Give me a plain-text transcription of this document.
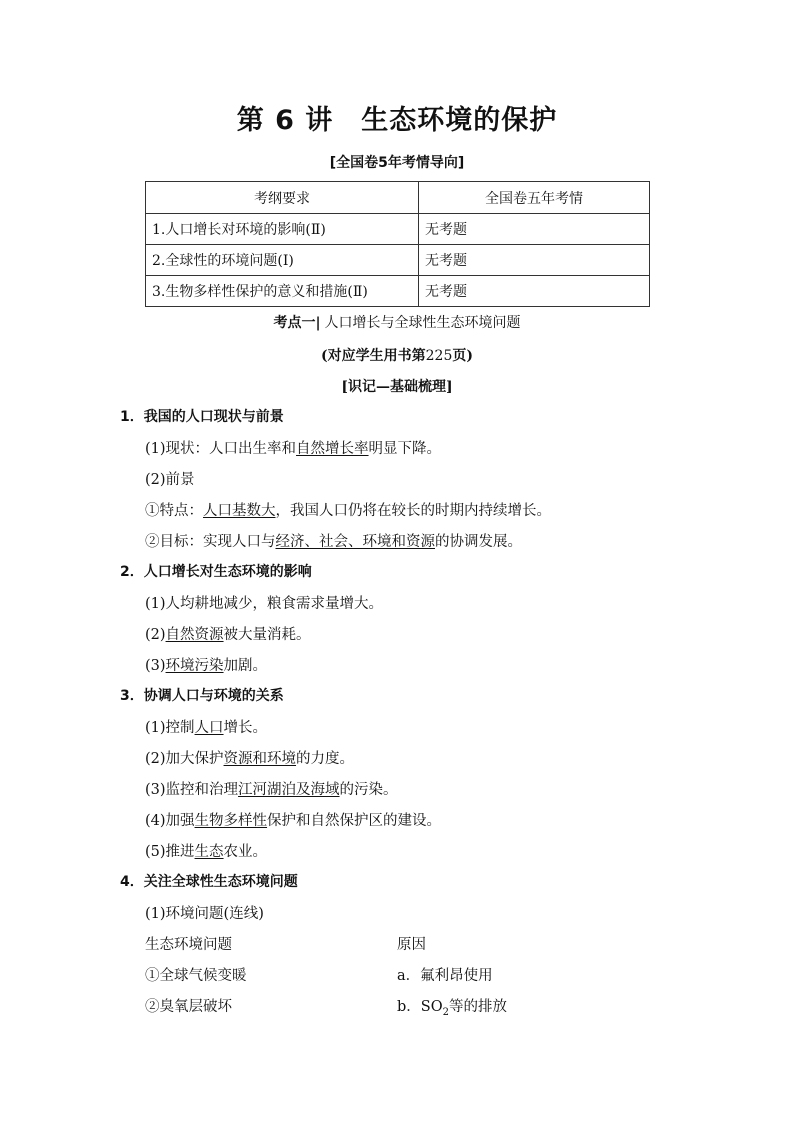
第 6 讲　生态环境的保护
[全国卷5年考情导向]
考纲要求	全国卷五年考情
1.人口增长对环境的影响(Ⅱ)	无考题
2.全球性的环境问题(Ⅰ)	无考题
3.生物多样性保护的意义和措施(Ⅱ)	无考题
考点一| 人口增长与全球性生态环境问题
(对应学生用书第225页)
[识记—基础梳理]
1．我国的人口现状与前景
(1)现状：人口出生率和自然增长率明显下降。
(2)前景
①特点：人口基数大，我国人口仍将在较长的时期内持续增长。
②目标：实现人口与经济、社会、环境和资源的协调发展。
2．人口增长对生态环境的影响
(1)人均耕地减少，粮食需求量增大。
(2)自然资源被大量消耗。
(3)环境污染加剧。
3．协调人口与环境的关系
(1)控制人口增长。
(2)加大保护资源和环境的力度。
(3)监控和治理江河湖泊及海域的污染。
(4)加强生物多样性保护和自然保护区的建设。
(5)推进生态农业。
4．关注全球性生态环境问题
(1)环境问题(连线)
生态环境问题	原因
①全球气候变暖	a．氟利昂使用
②臭氧层破坏	b．$SO_2$等的排放
